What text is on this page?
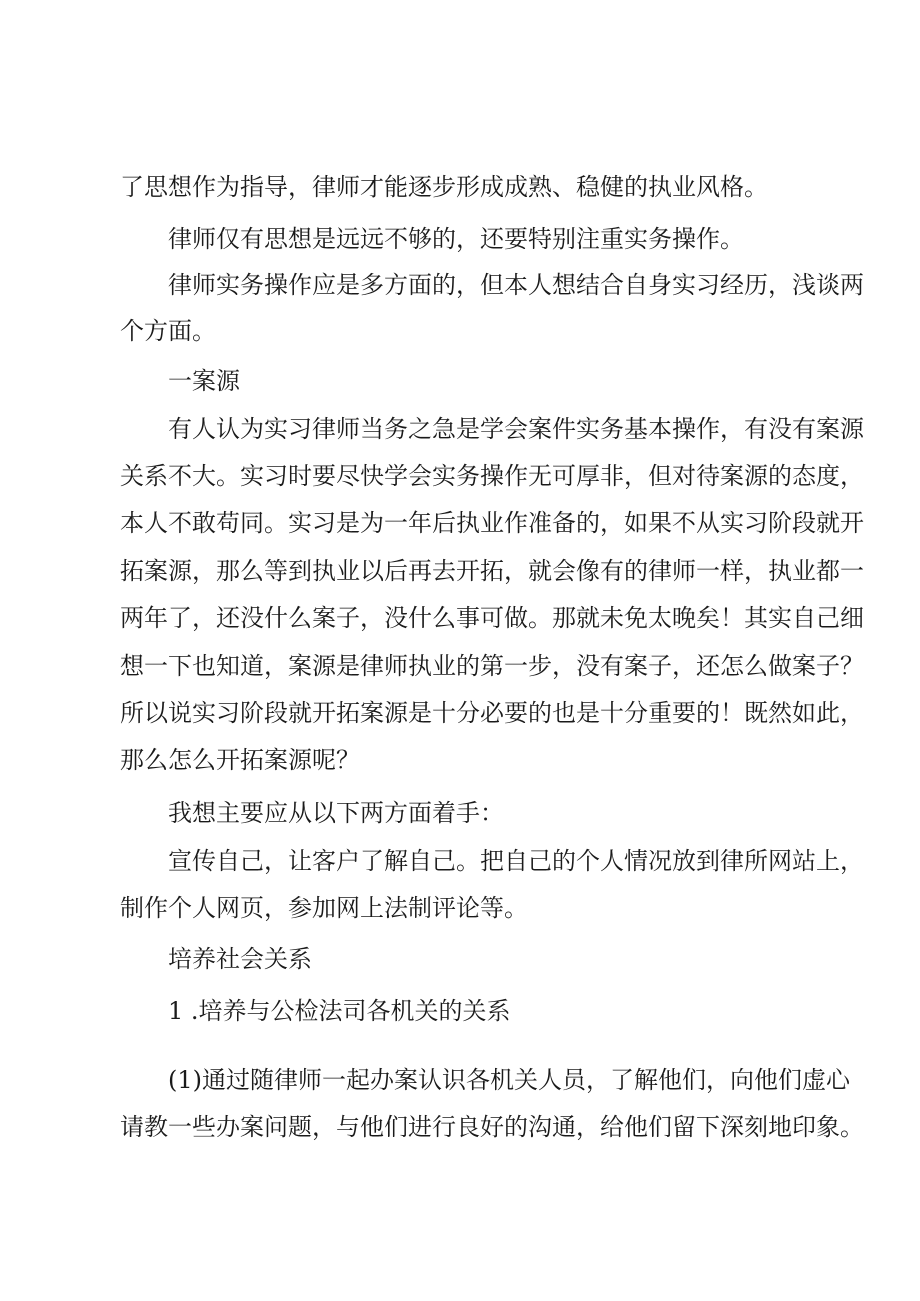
了思想作为指导，律师才能逐步形成成熟、稳健的执业风格。

律师仅有思想是远远不够的，还要特别注重实务操作。

律师实务操作应是多方面的，但本人想结合自身实习经历，浅谈两

个方面。

一案源

有人认为实习律师当务之急是学会案件实务基本操作，有没有案源

关系不大。实习时要尽快学会实务操作无可厚非，但对待案源的态度，

本人不敢苟同。实习是为一年后执业作准备的，如果不从实习阶段就开

拓案源，那么等到执业以后再去开拓，就会像有的律师一样，执业都一

两年了，还没什么案子，没什么事可做。那就未免太晚矣！其实自己细

想一下也知道，案源是律师执业的第一步，没有案子，还怎么做案子？

所以说实习阶段就开拓案源是十分必要的也是十分重要的！既然如此，

那么怎么开拓案源呢？

我想主要应从以下两方面着手：

宣传自己，让客户了解自己。把自己的个人情况放到律所网站上，

制作个人网页，参加网上法制评论等。

培养社会关系

1 .培养与公检法司各机关的关系

(1)通过随律师一起办案认识各机关人员，了解他们，向他们虚心

请教一些办案问题，与他们进行良好的沟通，给他们留下深刻地印象。
